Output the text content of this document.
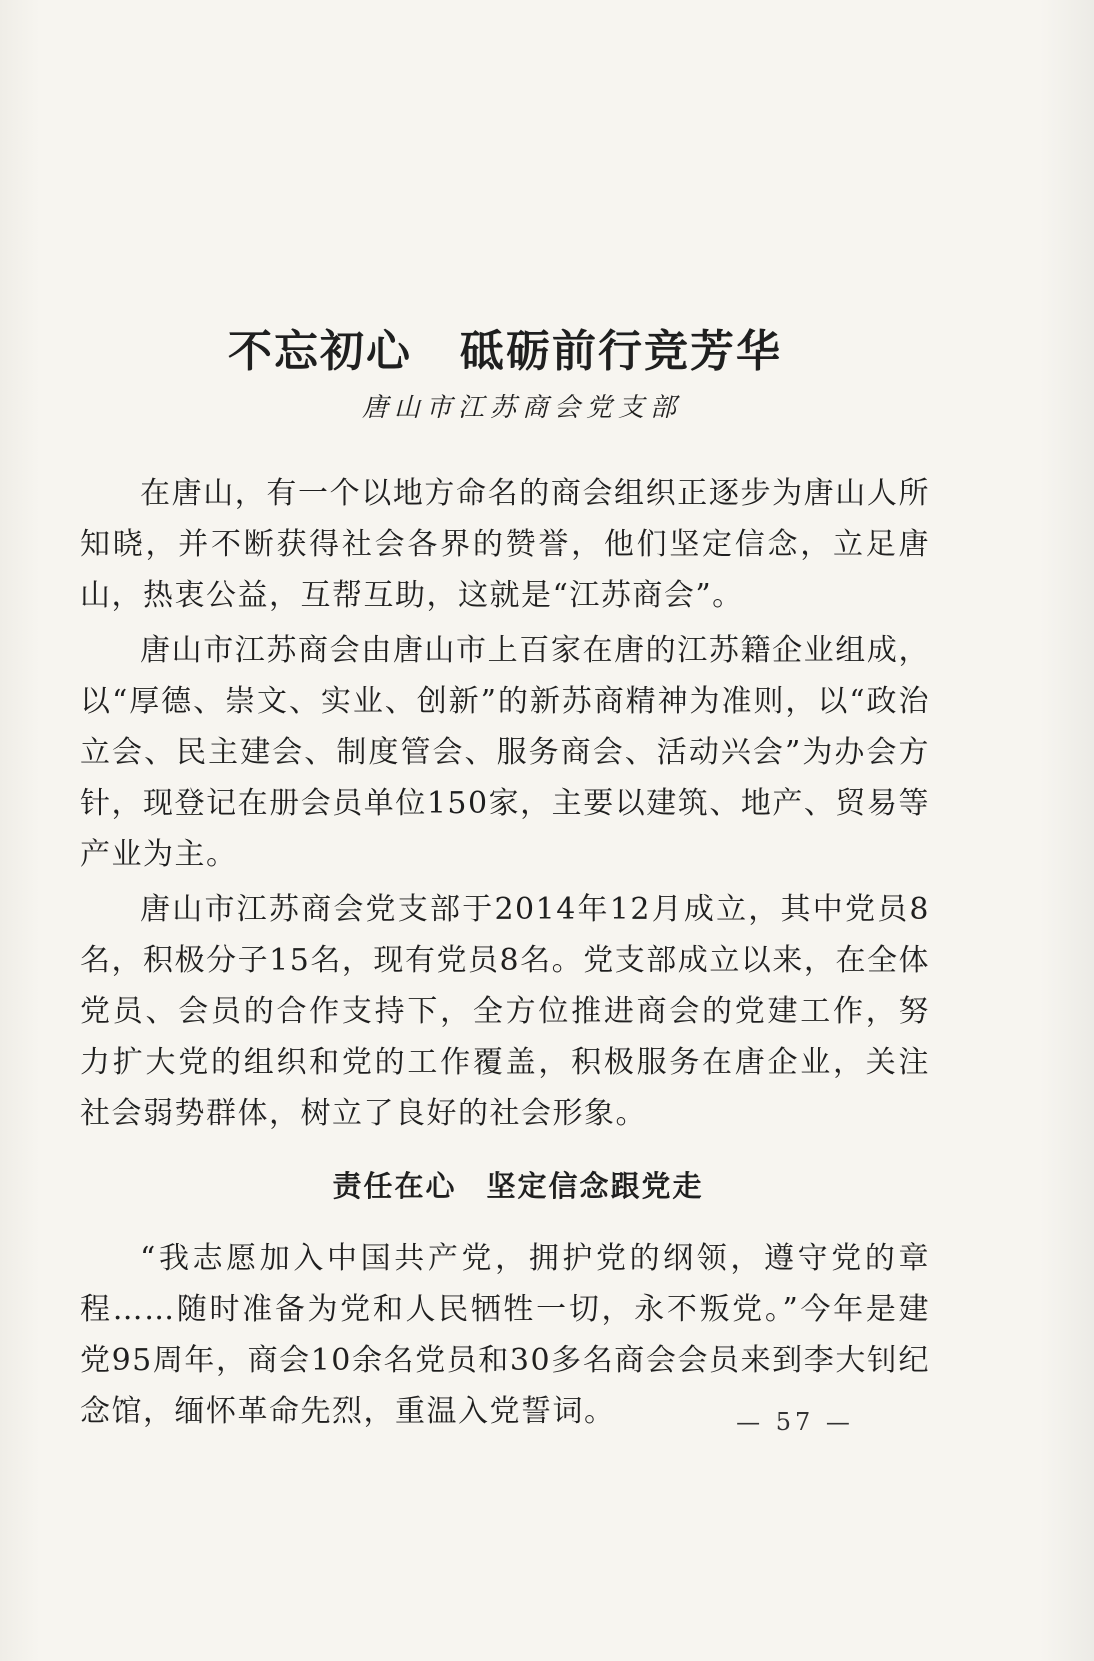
不忘初心 砥砺前行竞芳华
唐山市江苏商会党支部

在唐山，有一个以地方命名的商会组织正逐步为唐山人所知晓，并不断获得社会各界的赞誉，他们坚定信念，立足唐山，热衷公益，互帮互助，这就是“江苏商会”。

唐山市江苏商会由唐山市上百家在唐的江苏籍企业组成，以“厚德、崇文、实业、创新”的新苏商精神为准则，以“政治立会、民主建会、制度管会、服务商会、活动兴会”为办会方针，现登记在册会员单位150家，主要以建筑、地产、贸易等产业为主。

唐山市江苏商会党支部于2014年12月成立，其中党员8名，积极分子15名，现有党员8名。党支部成立以来，在全体党员、会员的合作支持下，全方位推进商会的党建工作，努力扩大党的组织和党的工作覆盖，积极服务在唐企业，关注社会弱势群体，树立了良好的社会形象。

责任在心 坚定信念跟党走

“我志愿加入中国共产党，拥护党的纲领，遵守党的章程……随时准备为党和人民牺牲一切，永不叛党。”今年是建党95周年，商会10余名党员和30多名商会会员来到李大钊纪念馆，缅怀革命先烈，重温入党誓词。	— 57 —
